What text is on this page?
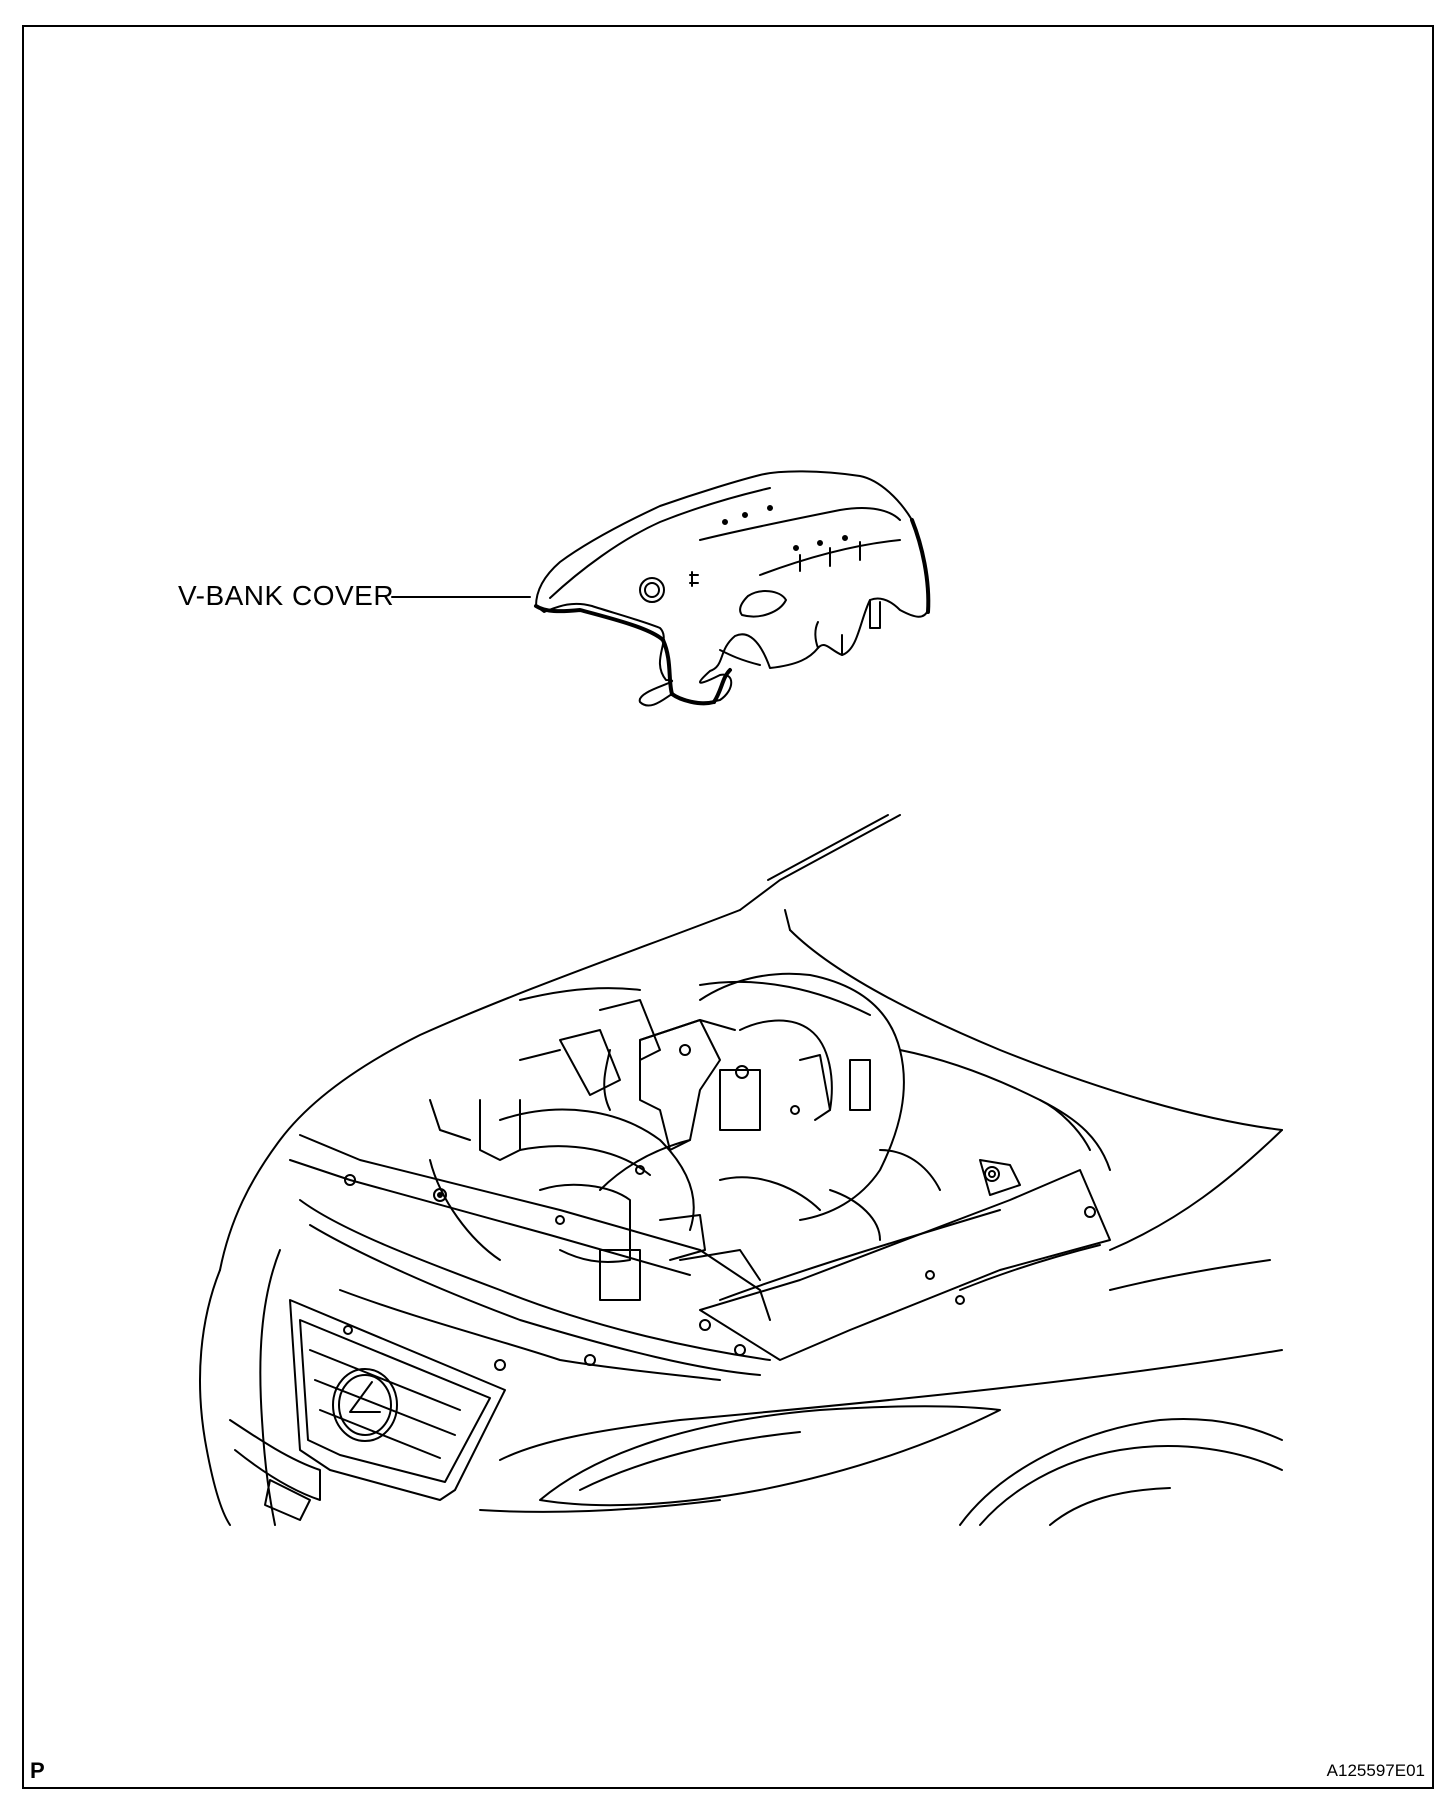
V-BANK COVER
P	A125597E01
